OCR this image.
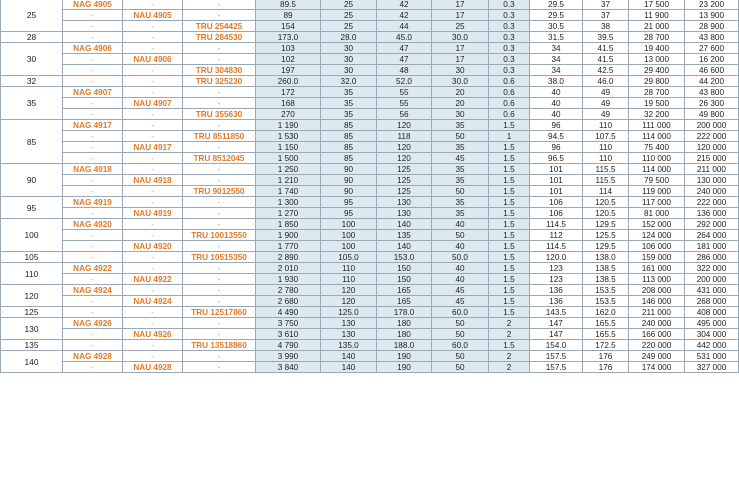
25	NAG 4905	-	-	89.5	25	42	17	0.3	29.5	37	17 500	23 200
	-	NAU 4905	-	89	25	42	17	0.3	29.5	37	11 900	13 900
	-	-	TRU 254425	154	25	44	25	0.3	30.5	38	21 000	28 900
28	-	-	TRU 284530	173.0	28.0	45.0	30.0	0.3	31.5	39.5	28 700	43 800
30	NAG 4906	-	-	103	30	47	17	0.3	34	41.5	19 400	27 600
	-	NAU 4906	-	102	30	47	17	0.3	34	41.5	13 000	16 200
	-	-	TRU 304830	197	30	48	30	0.3	34	42.5	29 400	46 600
32	-	-	TRU 325230	260.0	32.0	52.0	30.0	0.6	38.0	46.0	29 800	44 200
35	NAG 4907	-	-	172	35	55	20	0.6	40	49	28 700	43 800
	-	NAU 4907	-	168	35	55	20	0.6	40	49	19 500	26 300
	-	-	TRU 355630	270	35	56	30	0.6	40	49	32 200	49 800
85	NAG 4917	-	-	1 190	85	120	35	1.5	96	110	111 000	200 000
	-	-	TRU 8511850	1 530	85	118	50	1	94.5	107.5	114 000	222 000
	-	NAU 4917	-	1 150	85	120	35	1.5	96	110	75 400	120 000
	-	-	TRU 8512045	1 500	85	120	45	1.5	96.5	110	110 000	215 000
90	NAG 4918	-	-	1 250	90	125	35	1.5	101	115.5	114 000	211 000
	-	NAU 4918	-	1 210	90	125	35	1.5	101	115.5	79 500	130 000
	-	-	TRU 9012550	1 740	90	125	50	1.5	101	114	119 000	240 000
95	NAG 4919	-	-	1 300	95	130	35	1.5	106	120.5	117 000	222 000
	-	NAU 4919	-	1 270	95	130	35	1.5	106	120.5	81 000	136 000
100	NAG 4920	-	-	1 850	100	140	40	1.5	114.5	129.5	152 000	292 000
	-	-	TRU 10013550	1 900	100	135	50	1.5	112	125.5	124 000	264 000
	-	NAU 4920	-	1 770	100	140	40	1.5	114.5	129.5	106 000	181 000
105	-	-	TRU 10515350	2 890	105.0	153.0	50.0	1.5	120.0	138.0	159 000	286 000
110	NAG 4922	-	-	2 010	110	150	40	1.5	123	138.5	161 000	322 000
	-	NAU 4922	-	1 930	110	150	40	1.5	123	138.5	113 000	200 000
120	NAG 4924	-	-	2 780	120	165	45	1.5	136	153.5	208 000	431 000
	-	NAU 4924	-	2 680	120	165	45	1.5	136	153.5	146 000	268 000
125	-	-	TRU 12517860	4 490	125.0	178.0	60.0	1.5	143.5	162.0	211 000	408 000
130	NAG 4926	-	-	3 750	130	180	50	2	147	165.5	240 000	495 000
	-	NAU 4926	-	3 610	130	180	50	2	147	165.5	166 000	304 000
135	-	-	TRU 13518860	4 790	135.0	188.0	60.0	1.5	154.0	172.5	220 000	442 000
140	NAG 4928	-	-	3 990	140	190	50	2	157.5	176	249 000	531 000
	-	NAU 4928	-	3 840	140	190	50	2	157.5	176	174 000	327 000
